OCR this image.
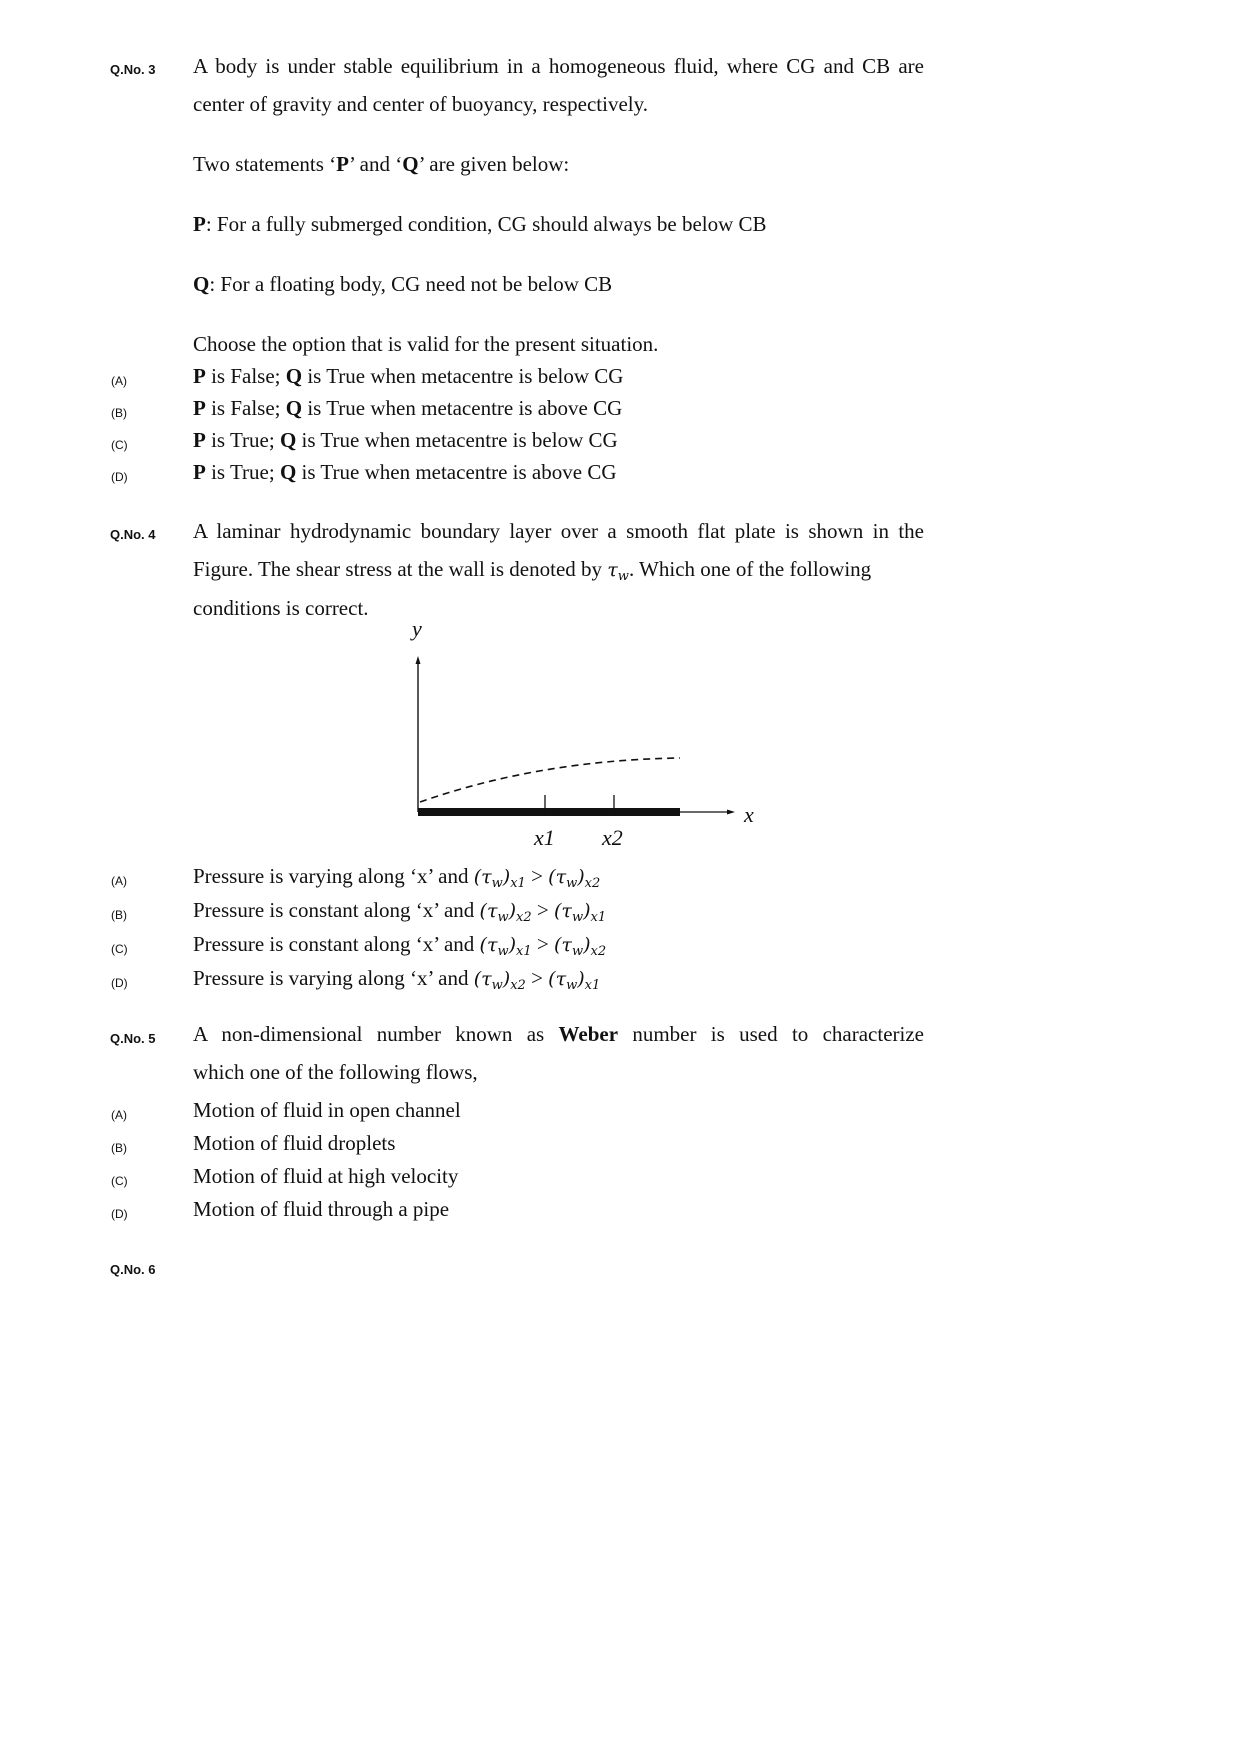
Q.No. 3 A body is under stable equilibrium in a homogeneous fluid, where CG and CB are
center of gravity and center of buoyancy, respectively.
Two statements ‘P’ and ‘Q’ are given below:
P: For a fully submerged condition, CG should always be below CB
Q: For a floating body, CG need not be below CB
Choose the option that is valid for the present situation.
(A)	P is False; Q is True when metacentre is below CG
(B)	P is False; Q is True when metacentre is above CG
(C)	P is True; Q is True when metacentre is below CG
(D)	P is True; Q is True when metacentre is above CG
Q.No. 4 A laminar hydrodynamic boundary layer over a smooth flat plate is shown in the
Figure. The shear stress at the wall is denoted by $\tau_w$. Which one of the following
conditions is correct.
y
x
x1 x2
(A)	Pressure is varying along ‘x’ and $(\tau_w)_{x1} > (\tau_w)_{x2}$
(B)	Pressure is constant along ‘x’ and $(\tau_w)_{x2} > (\tau_w)_{x1}$
(C)	Pressure is constant along ‘x’ and $(\tau_w)_{x1} > (\tau_w)_{x2}$
(D)	Pressure is varying along ‘x’ and $(\tau_w)_{x2} > (\tau_w)_{x1}$
Q.No. 5 A non-dimensional number known as Weber number is used to characterize
which one of the following flows,
(A)	Motion of fluid in open channel
(B)	Motion of fluid droplets
(C)	Motion of fluid at high velocity
(D)	Motion of fluid through a pipe
Q.No. 6
